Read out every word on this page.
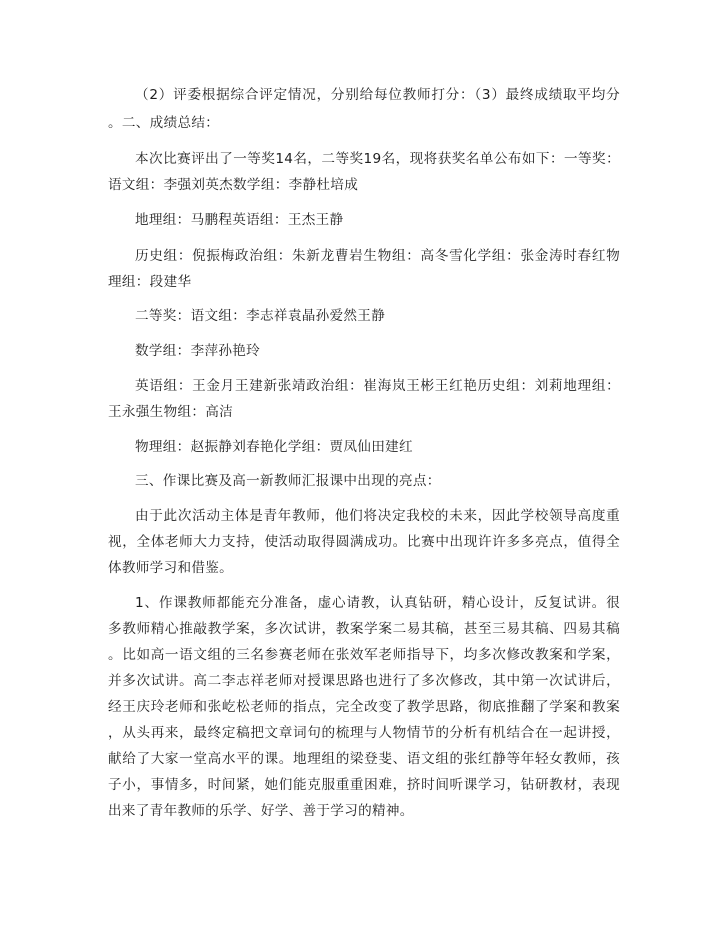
（2）评委根据综合评定情况，分别给每位教师打分：（3）最终成绩取平均分
。二、成绩总结：
本次比赛评出了一等奖14名，二等奖19名，现将获奖名单公布如下：一等奖：
语文组：李强刘英杰数学组：李静杜培成
地理组：马鹏程英语组：王杰王静
历史组：倪振梅政治组：朱新龙曹岩生物组：高冬雪化学组：张金涛时春红物
理组：段建华
二等奖：语文组：李志祥袁晶孙爱然王静
数学组：李萍孙艳玲
英语组：王金月王建新张靖政治组：崔海岚王彬王红艳历史组：刘莉地理组：
王永强生物组：高洁
物理组：赵振静刘春艳化学组：贾凤仙田建红
三、作课比赛及高一新教师汇报课中出现的亮点：
由于此次活动主体是青年教师，他们将决定我校的未来，因此学校领导高度重
视，全体老师大力支持，使活动取得圆满成功。比赛中出现许许多多亮点，值得全
体教师学习和借鉴。
1、作课教师都能充分准备，虚心请教，认真钻研，精心设计，反复试讲。很
多教师精心推敲教学案，多次试讲，教案学案二易其稿，甚至三易其稿、四易其稿
。比如高一语文组的三名参赛老师在张效军老师指导下，均多次修改教案和学案，
并多次试讲。高二李志祥老师对授课思路也进行了多次修改，其中第一次试讲后，
经王庆玲老师和张屹松老师的指点，完全改变了教学思路，彻底推翻了学案和教案
，从头再来，最终定稿把文章词句的梳理与人物情节的分析有机结合在一起讲授，
献给了大家一堂高水平的课。地理组的梁登斐、语文组的张红静等年轻女教师，孩
子小，事情多，时间紧，她们能克服重重困难，挤时间听课学习，钻研教材，表现
出来了青年教师的乐学、好学、善于学习的精神。
